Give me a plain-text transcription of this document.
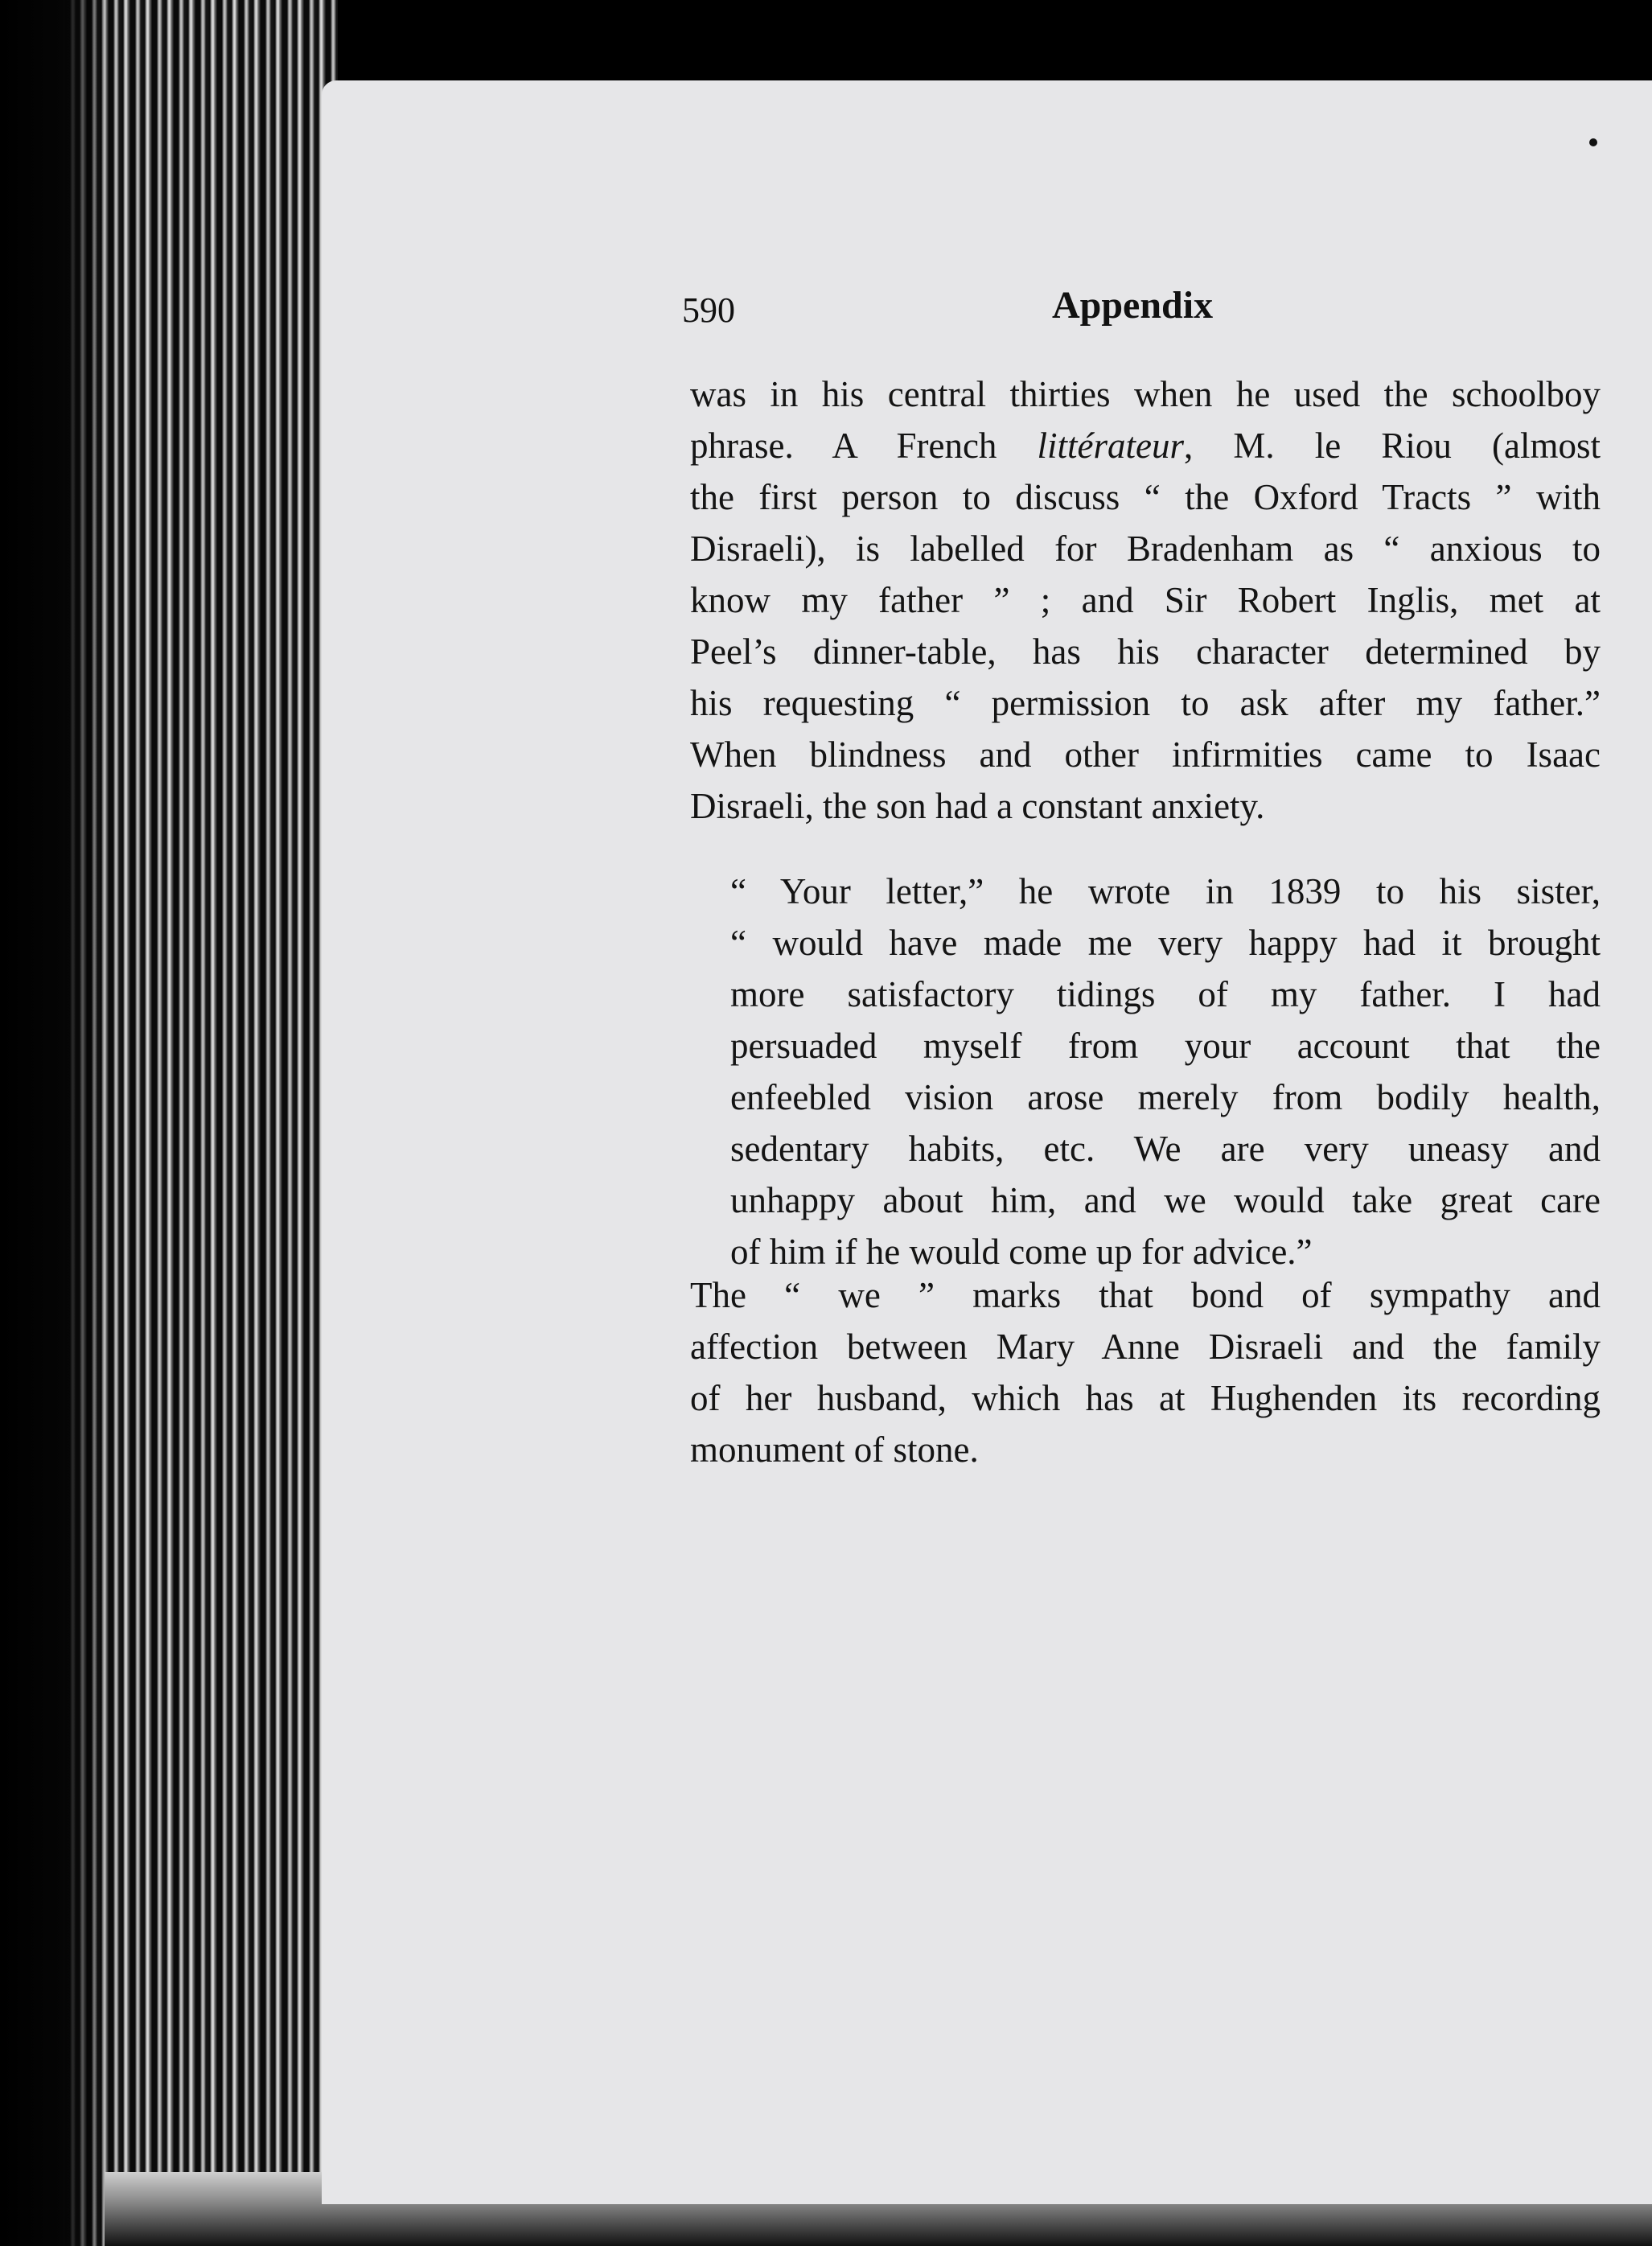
590	Appendix
was in his central thirties when he used the schoolboy
phrase. A French littérateur, M. le Riou (almost
the first person to discuss “ the Oxford Tracts ” with
Disraeli), is labelled for Bradenham as “ anxious to
know my father ” ; and Sir Robert Inglis, met at
Peel’s dinner-table, has his character determined by
his requesting “ permission to ask after my father.”
When blindness and other infirmities came to Isaac
Disraeli, the son had a constant anxiety.
“ Your letter,” he wrote in 1839 to his sister,
“ would have made me very happy had it brought
more satisfactory tidings of my father. I had
persuaded myself from your account that the
enfeebled vision arose merely from bodily health,
sedentary habits, etc. We are very uneasy and
unhappy about him, and we would take great care
of him if he would come up for advice.”
The “ we ” marks that bond of sympathy and
affection between Mary Anne Disraeli and the family
of her husband, which has at Hughenden its recording
monument of stone.
